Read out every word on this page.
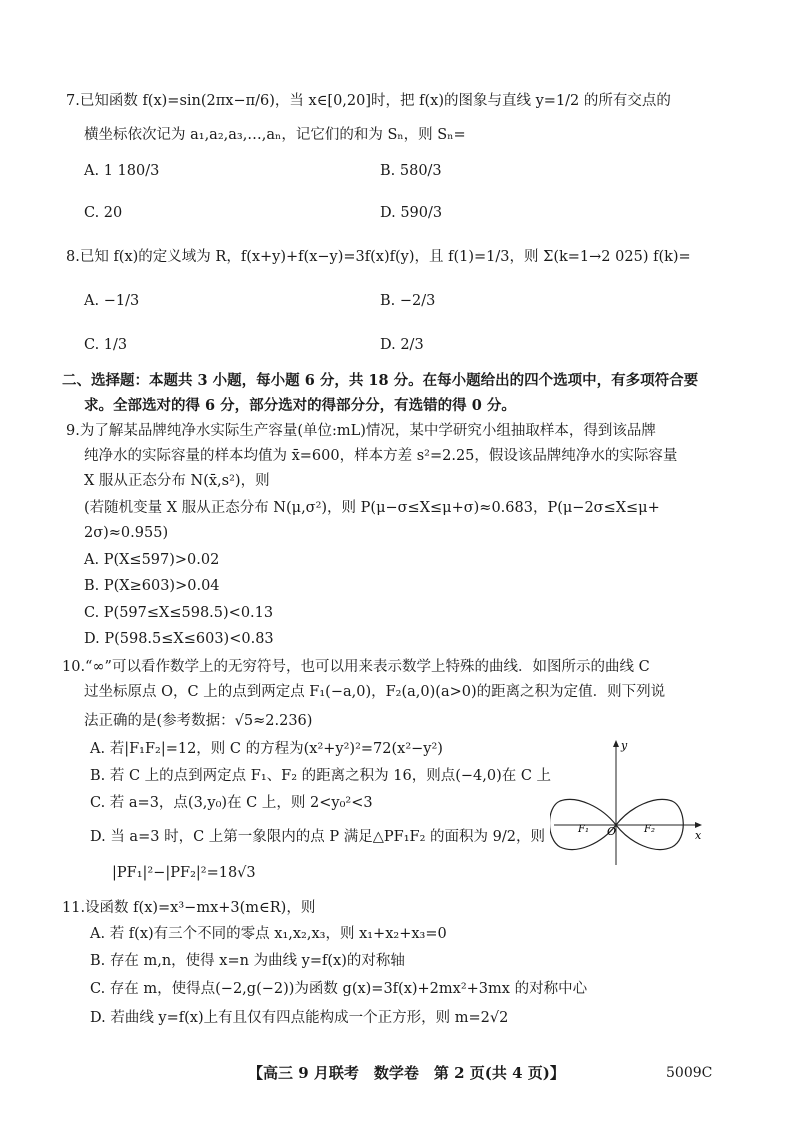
7.已知函数 f(x)=sin(2πx−π/6)，当 x∈[0,20]时，把 f(x)的图象与直线 y=1/2 的所有交点的
横坐标依次记为 a₁,a₂,a₃,…,aₙ，记它们的和为 Sₙ，则 Sₙ=
A. 1 180/3	B. 580/3
C. 20	D. 590/3
8.已知 f(x)的定义域为 R，f(x+y)+f(x−y)=3f(x)f(y)，且 f(1)=1/3，则 Σ(k=1→2 025) f(k)=
A. −1/3	B. −2/3
C. 1/3	D. 2/3
二、选择题：本题共 3 小题，每小题 6 分，共 18 分。在每小题给出的四个选项中，有多项符合要
求。全部选对的得 6 分，部分选对的得部分分，有选错的得 0 分。
9.为了解某品牌纯净水实际生产容量(单位:mL)情况，某中学研究小组抽取样本，得到该品牌
纯净水的实际容量的样本均值为 x̄=600，样本方差 s²=2.25，假设该品牌纯净水的实际容量
X 服从正态分布 N(x̄,s²)，则
(若随机变量 X 服从正态分布 N(μ,σ²)，则 P(μ−σ≤X≤μ+σ)≈0.683，P(μ−2σ≤X≤μ+
2σ)≈0.955)
A. P(X≤597)>0.02
B. P(X≥603)>0.04
C. P(597≤X≤598.5)<0.13
D. P(598.5≤X≤603)<0.83
10.“∞”可以看作数学上的无穷符号，也可以用来表示数学上特殊的曲线．如图所示的曲线 C
过坐标原点 O，C 上的点到两定点 F₁(−a,0)，F₂(a,0)(a>0)的距离之积为定值．则下列说
法正确的是(参考数据：√5≈2.236)
A. 若|F₁F₂|=12，则 C 的方程为(x²+y²)²=72(x²−y²)
B. 若 C 上的点到两定点 F₁、F₂ 的距离之积为 16，则点(−4,0)在 C 上
C. 若 a=3，点(3,y₀)在 C 上，则 2<y₀²<3
D. 当 a=3 时，C 上第一象限内的点 P 满足△PF₁F₂ 的面积为 9/2，则
|PF₁|²−|PF₂|²=18√3
y
x
O
F₁	F₂
11.设函数 f(x)=x³−mx+3(m∈R)，则
A. 若 f(x)有三个不同的零点 x₁,x₂,x₃，则 x₁+x₂+x₃=0
B. 存在 m,n，使得 x=n 为曲线 y=f(x)的对称轴
C. 存在 m，使得点(−2,g(−2))为函数 g(x)=3f(x)+2mx²+3mx 的对称中心
D. 若曲线 y=f(x)上有且仅有四点能构成一个正方形，则 m=2√2
【高三 9 月联考　数学卷　第 2 页(共 4 页)】	5009C
